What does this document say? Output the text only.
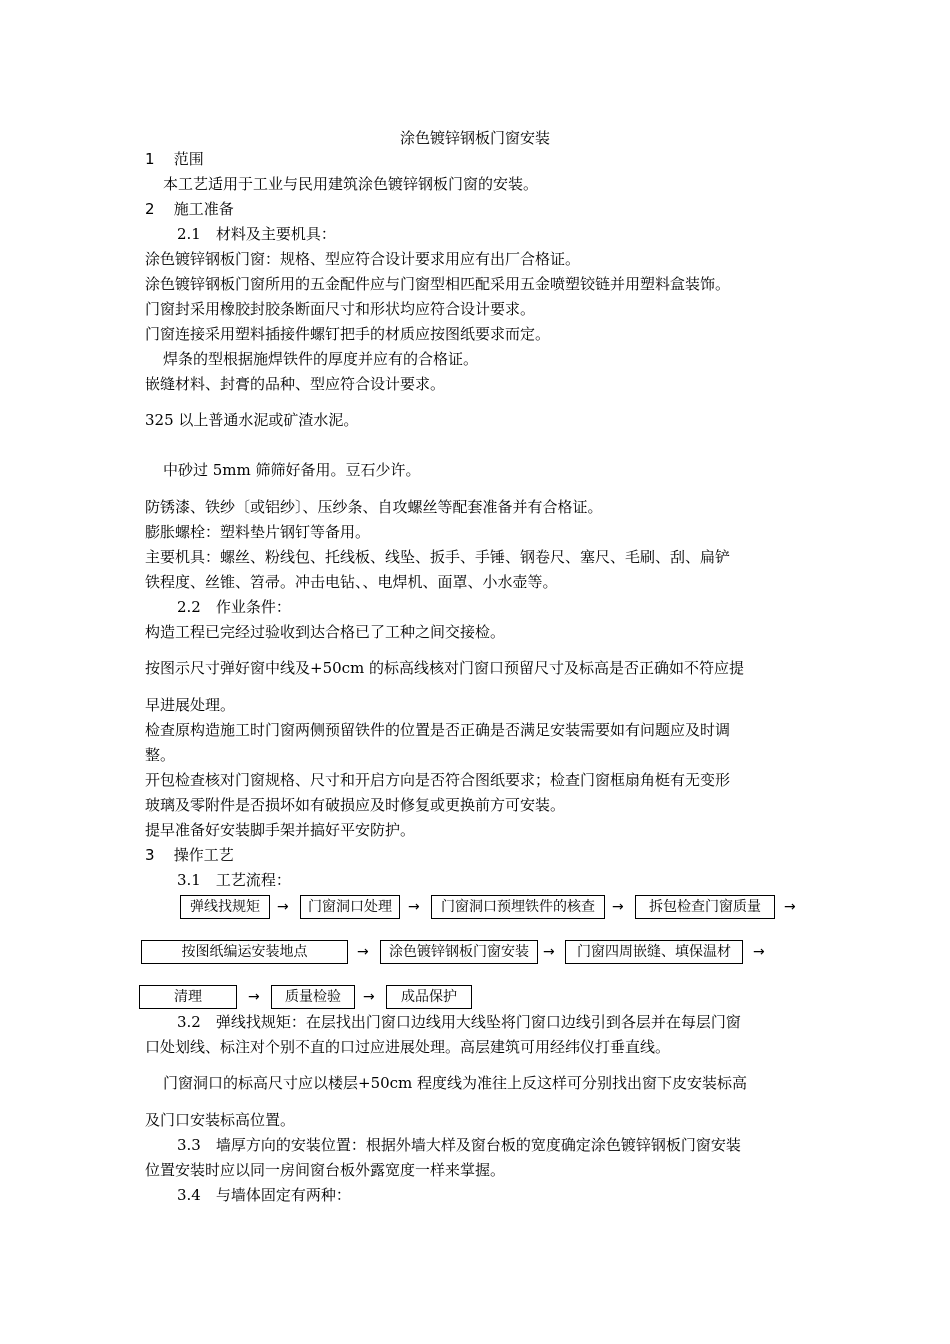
涂色镀锌钢板门窗安装
1 范围
本工艺适用于工业与民用建筑涂色镀锌钢板门窗的安装。
2 施工准备
2.1　材料及主要机具：
涂色镀锌钢板门窗：规格、型应符合设计要求用应有出厂合格证。
涂色镀锌钢板门窗所用的五金配件应与门窗型相匹配采用五金喷塑铰链并用塑料盒装饰。
门窗封采用橡胶封胶条断面尺寸和形状均应符合设计要求。
门窗连接采用塑料插接件螺钉把手的材质应按图纸要求而定。
焊条的型根据施焊铁件的厚度并应有的合格证。
嵌缝材料、封膏的品种、型应符合设计要求。
325 以上普通水泥或矿渣水泥。
中砂过 5mm 筛筛好备用。豆石少许。
防锈漆、铁纱〔或铝纱〕、压纱条、自攻螺丝等配套准备并有合格证。
膨胀螺栓：塑料垫片钢钉等备用。
主要机具：螺丝、粉线包、托线板、线坠、扳手、手锤、钢卷尺、塞尺、毛刷、刮、扁铲
铁程度、丝锥、笤帚。冲击电钻、、电焊机、面罩、小水壶等。
2.2　作业条件：
构造工程已完经过验收到达合格已了工种之间交接检。
按图示尺寸弹好窗中线及+50cm 的标高线核对门窗口预留尺寸及标高是否正确如不符应提
早进展处理。
检查原构造施工时门窗两侧预留铁件的位置是否正确是否满足安装需要如有问题应及时调
整。
开包检查核对门窗规格、尺寸和开启方向是否符合图纸要求；检查门窗框扇角梃有无变形
玻璃及零附件是否损坏如有破损应及时修复或更换前方可安装。
提早准备好安装脚手架并搞好平安防护。
3 操作工艺
3.1　工艺流程：
弹线找规矩	→	门窗洞口处理	→	门窗洞口预埋铁件的核查	→	拆包检查门窗质量	→
按图纸编运安装地点	→	涂色镀锌钢板门窗安装	→	门窗四周嵌缝、填保温材	→
清理	→	质量检验	→	成品保护
3.2　弹线找规矩：在层找出门窗口边线用大线坠将门窗口边线引到各层并在每层门窗
口处划线、标注对个别不直的口过应进展处理。高层建筑可用经纬仪打垂直线。
门窗洞口的标高尺寸应以楼层+50cm 程度线为准往上反这样可分别找出窗下皮安装标高
及门口安装标高位置。
3.3　墙厚方向的安装位置：根据外墙大样及窗台板的宽度确定涂色镀锌钢板门窗安装
位置安装时应以同一房间窗台板外露宽度一样来掌握。
3.4　与墙体固定有两种：
